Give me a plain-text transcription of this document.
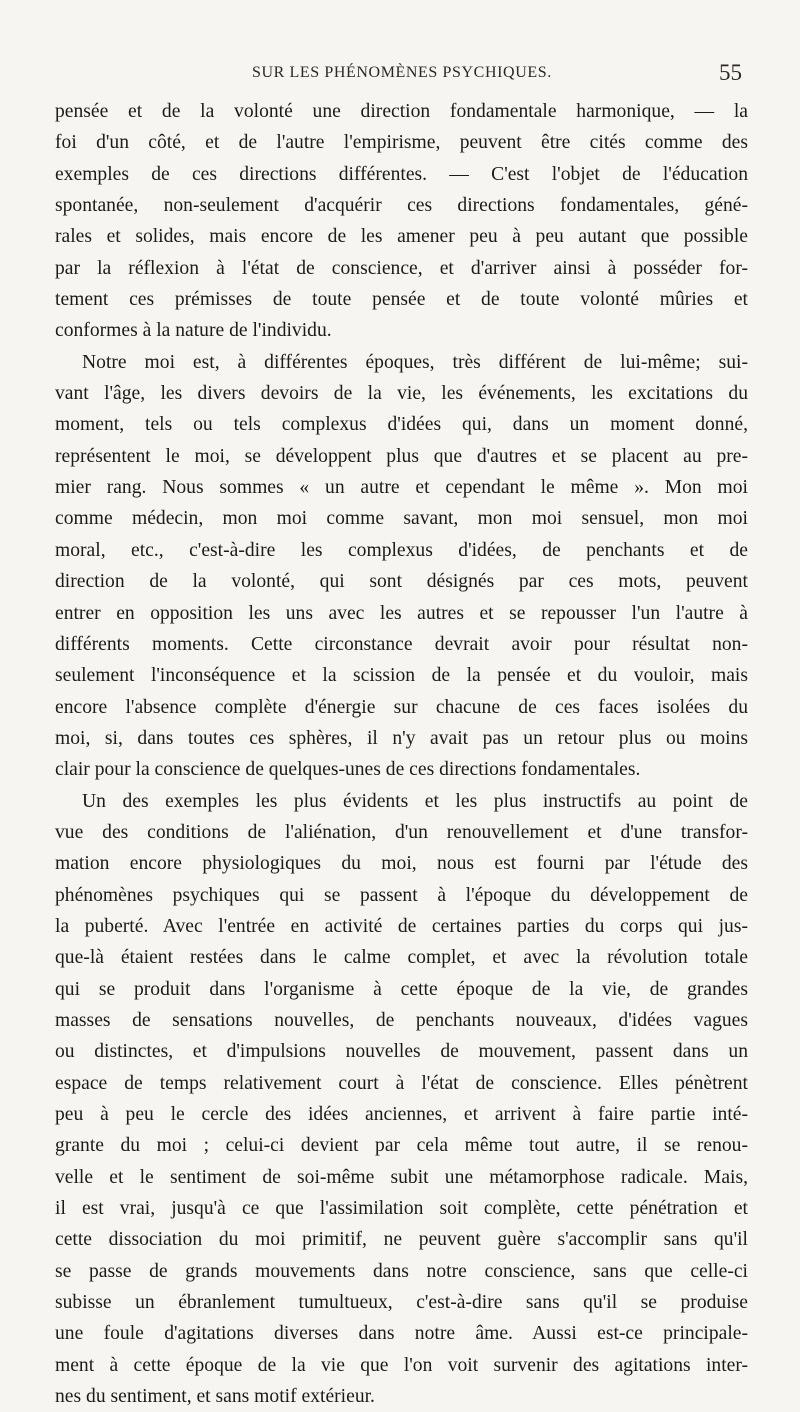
SUR LES PHÉNOMÈNES PSYCHIQUES.	55
pensée et de la volonté une direction fondamentale harmonique, — la
foi d'un côté, et de l'autre l'empirisme, peuvent être cités comme des
exemples de ces directions différentes. — C'est l'objet de l'éducation
spontanée, non-seulement d'acquérir ces directions fondamentales, géné-
rales et solides, mais encore de les amener peu à peu autant que possible
par la réflexion à l'état de conscience, et d'arriver ainsi à posséder for-
tement ces prémisses de toute pensée et de toute volonté mûries et
conformes à la nature de l'individu.
Notre moi est, à différentes époques, très différent de lui-même; sui-
vant l'âge, les divers devoirs de la vie, les événements, les excitations du
moment, tels ou tels complexus d'idées qui, dans un moment donné,
représentent le moi, se développent plus que d'autres et se placent au pre-
mier rang. Nous sommes « un autre et cependant le même ». Mon moi
comme médecin, mon moi comme savant, mon moi sensuel, mon moi
moral, etc., c'est-à-dire les complexus d'idées, de penchants et de
direction de la volonté, qui sont désignés par ces mots, peuvent
entrer en opposition les uns avec les autres et se repousser l'un l'autre à
différents moments. Cette circonstance devrait avoir pour résultat non-
seulement l'inconséquence et la scission de la pensée et du vouloir, mais
encore l'absence complète d'énergie sur chacune de ces faces isolées du
moi, si, dans toutes ces sphères, il n'y avait pas un retour plus ou moins
clair pour la conscience de quelques-unes de ces directions fondamentales.
Un des exemples les plus évidents et les plus instructifs au point de
vue des conditions de l'aliénation, d'un renouvellement et d'une transfor-
mation encore physiologiques du moi, nous est fourni par l'étude des
phénomènes psychiques qui se passent à l'époque du développement de
la puberté. Avec l'entrée en activité de certaines parties du corps qui jus-
que-là étaient restées dans le calme complet, et avec la révolution totale
qui se produit dans l'organisme à cette époque de la vie, de grandes
masses de sensations nouvelles, de penchants nouveaux, d'idées vagues
ou distinctes, et d'impulsions nouvelles de mouvement, passent dans un
espace de temps relativement court à l'état de conscience. Elles pénètrent
peu à peu le cercle des idées anciennes, et arrivent à faire partie inté-
grante du moi ; celui-ci devient par cela même tout autre, il se renou-
velle et le sentiment de soi-même subit une métamorphose radicale. Mais,
il est vrai, jusqu'à ce que l'assimilation soit complète, cette pénétration et
cette dissociation du moi primitif, ne peuvent guère s'accomplir sans qu'il
se passe de grands mouvements dans notre conscience, sans que celle-ci
subisse un ébranlement tumultueux, c'est-à-dire sans qu'il se produise
une foule d'agitations diverses dans notre âme. Aussi est-ce principale-
ment à cette époque de la vie que l'on voit survenir des agitations inter-
nes du sentiment, et sans motif extérieur.
